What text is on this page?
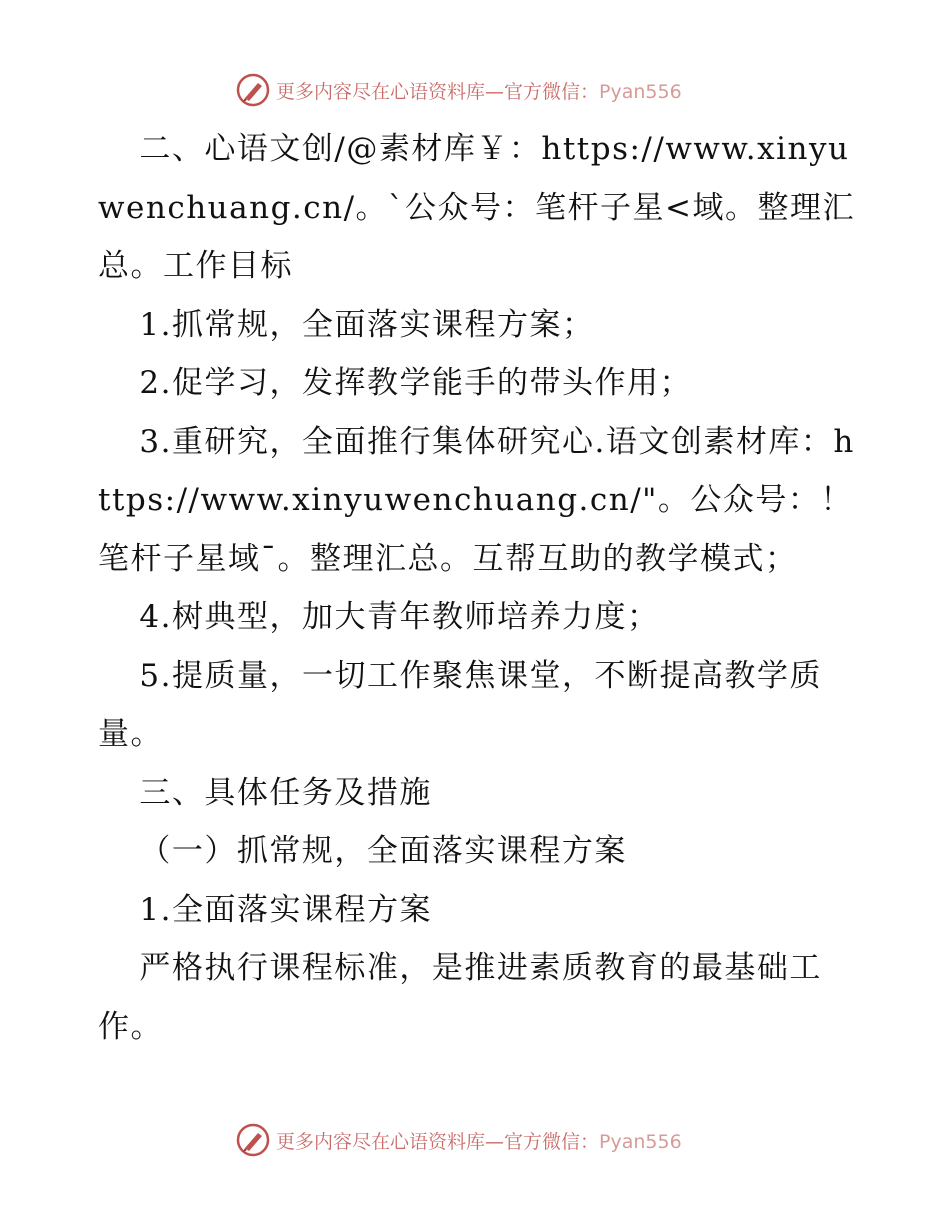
更多内容尽在心语资料库—官方微信：Pyan556

二、心语文创/@素材库￥：https://www.xinyuwenchuang.cn/。`公众号：笔杆子星<域。整理汇总。工作目标

1.抓常规，全面落实课程方案；

2.促学习，发挥教学能手的带头作用；

3.重研究，全面推行集体研究心.语文创素材库：https://www.xinyuwenchuang.cn/"。公众号：！笔杆子星域¯。整理汇总。互帮互助的教学模式；

4.树典型，加大青年教师培养力度；

5.提质量，一切工作聚焦课堂，不断提高教学质量。

三、具体任务及措施

（一）抓常规，全面落实课程方案

1.全面落实课程方案

严格执行课程标准，是推进素质教育的最基础工作。

更多内容尽在心语资料库—官方微信：Pyan556
